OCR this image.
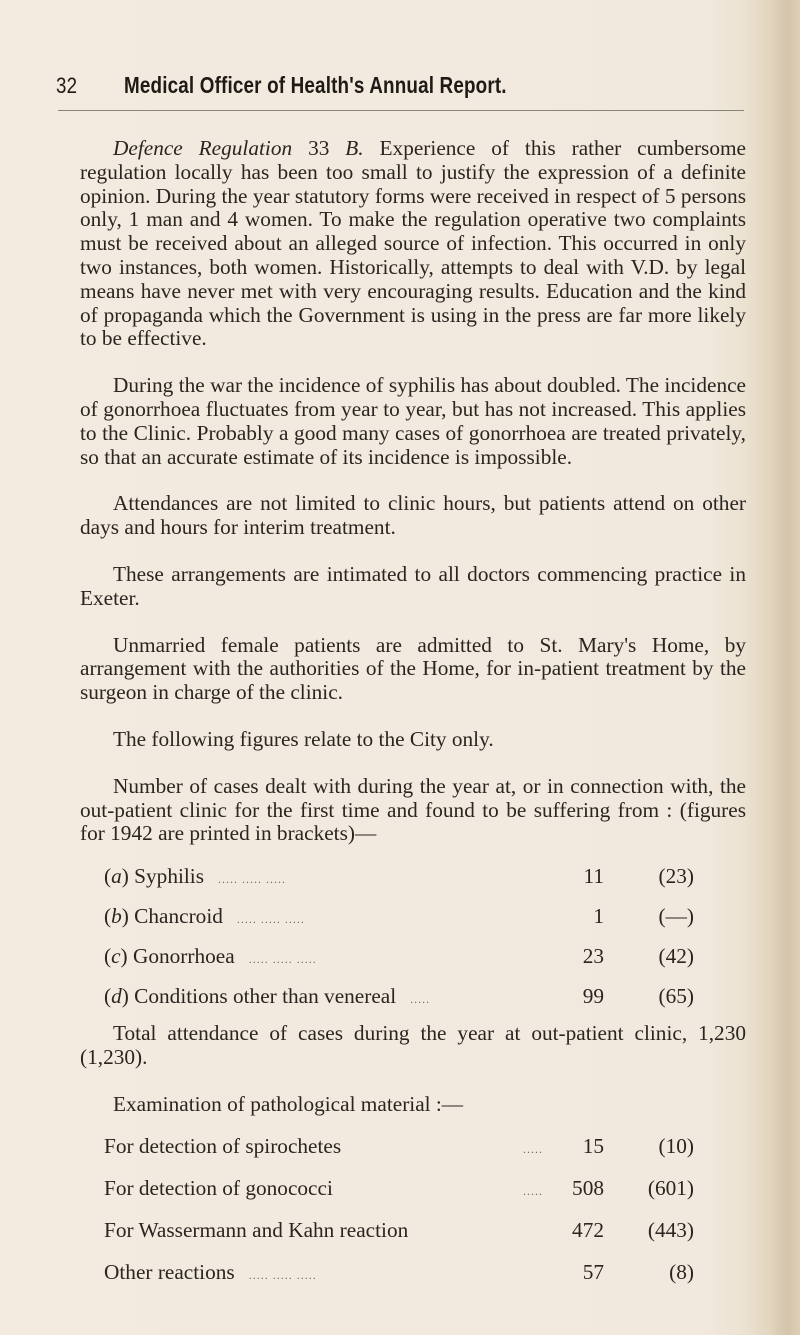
32	Medical Officer of Health's Annual Report.

Defence Regulation 33 B. Experience of this rather cumbersome regulation locally has been too small to justify the expression of a definite opinion. During the year statutory forms were received in respect of 5 persons only, 1 man and 4 women. To make the regulation operative two complaints must be received about an alleged source of infection. This occurred in only two instances, both women. Historically, attempts to deal with V.D. by legal means have never met with very encouraging results. Education and the kind of propaganda which the Government is using in the press are far more likely to be effective.

During the war the incidence of syphilis has about doubled. The incidence of gonorrhoea fluctuates from year to year, but has not increased. This applies to the Clinic. Probably a good many cases of gonorrhoea are treated privately, so that an accurate estimate of its incidence is impossible.

Attendances are not limited to clinic hours, but patients attend on other days and hours for interim treatment.

These arrangements are intimated to all doctors commencing practice in Exeter.

Unmarried female patients are admitted to St. Mary's Home, by arrangement with the authorities of the Home, for in-patient treatment by the surgeon in charge of the clinic.

The following figures relate to the City only.

Number of cases dealt with during the year at, or in connection with, the out-patient clinic for the first time and found to be suffering from : (figures for 1942 are printed in brackets)—

(a) Syphilis	..... ..... .....	11	(23)
(b) Chancroid	..... ..... .....	1	(—)
(c) Gonorrhoea	..... ..... .....	23	(42)
(d) Conditions other than venereal	.....	99	(65)

Total attendance of cases during the year at out-patient clinic, 1,230 (1,230).

Examination of pathological material :—

For detection of spirochetes	.....	15	(10)
For detection of gonococci	.....	508	(601)
For Wassermann and Kahn reaction	472	(443)
Other reactions	..... ..... .....	57	(8)
